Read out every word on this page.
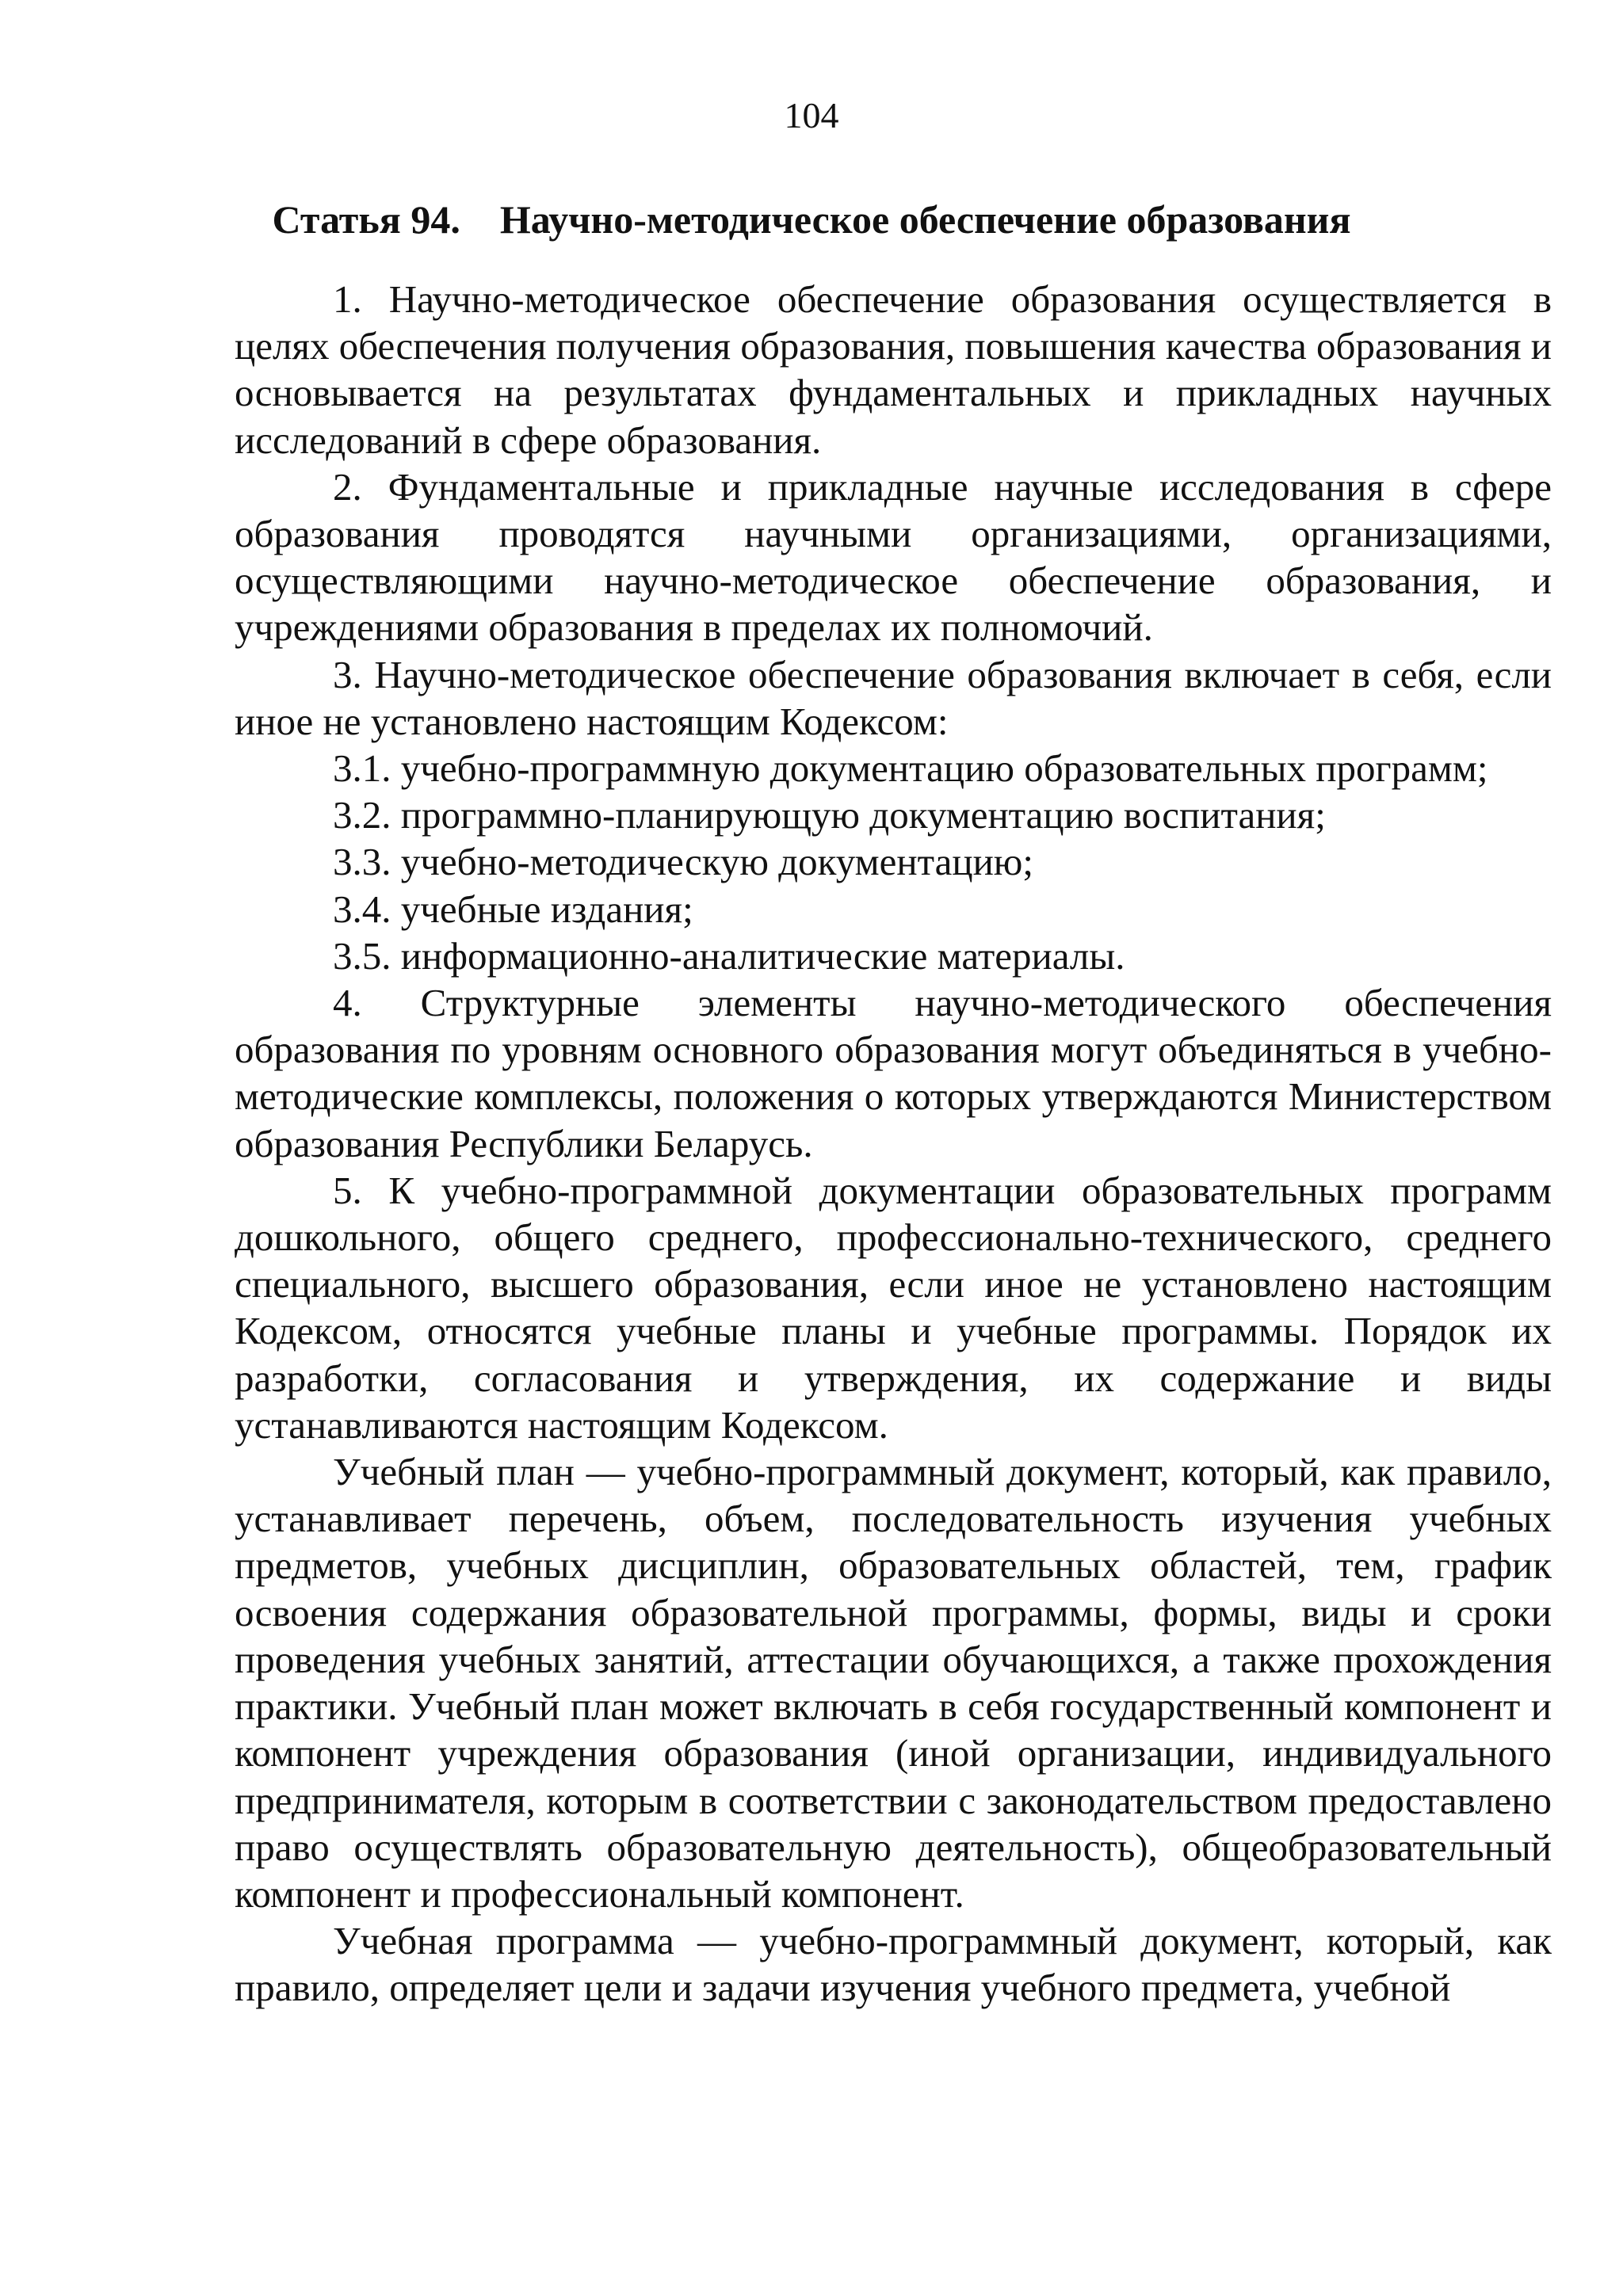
104
Статья 94.    Научно-методическое обеспечение образования

1. Научно-методическое обеспечение образования осуществляется в целях обеспечения получения образования, повышения качества образования и основывается на результатах фундаментальных и прикладных научных исследований в сфере образования.

2. Фундаментальные и прикладные научные исследования в сфере образования проводятся научными организациями, организациями, осуществляющими научно-методическое обеспечение образования, и учреждениями образования в пределах их полномочий.

3. Научно-методическое обеспечение образования включает в себя, если иное не установлено настоящим Кодексом:

3.1. учебно-программную документацию образовательных программ;

3.2. программно-планирующую документацию воспитания;

3.3. учебно-методическую документацию;

3.4. учебные издания;

3.5. информационно-аналитические материалы.

4. Структурные элементы научно-методического обеспечения образования по уровням основного образования могут объединяться в учебно-методические комплексы, положения о которых утверждаются Министерством образования Республики Беларусь.

5. К учебно-программной документации образовательных программ дошкольного, общего среднего, профессионально-технического, среднего специального, высшего образования, если иное не установлено настоящим Кодексом, относятся учебные планы и учебные программы. Порядок их разработки, согласования и утверждения, их содержание и виды устанавливаются настоящим Кодексом.

Учебный план — учебно-программный документ, который, как правило, устанавливает перечень, объем, последовательность изучения учебных предметов, учебных дисциплин, образовательных областей, тем, график освоения содержания образовательной программы, формы, виды и сроки проведения учебных занятий, аттестации обучающихся, а также прохождения практики. Учебный план может включать в себя государственный компонент и компонент учреждения образования (иной организации, индивидуального предпринимателя, которым в соответствии с законодательством предоставлено право осуществлять образовательную деятельность), общеобразовательный компонент и профессиональный компонент.

Учебная программа — учебно-программный документ, который, как правило, определяет цели и задачи изучения учебного предмета, учебной
